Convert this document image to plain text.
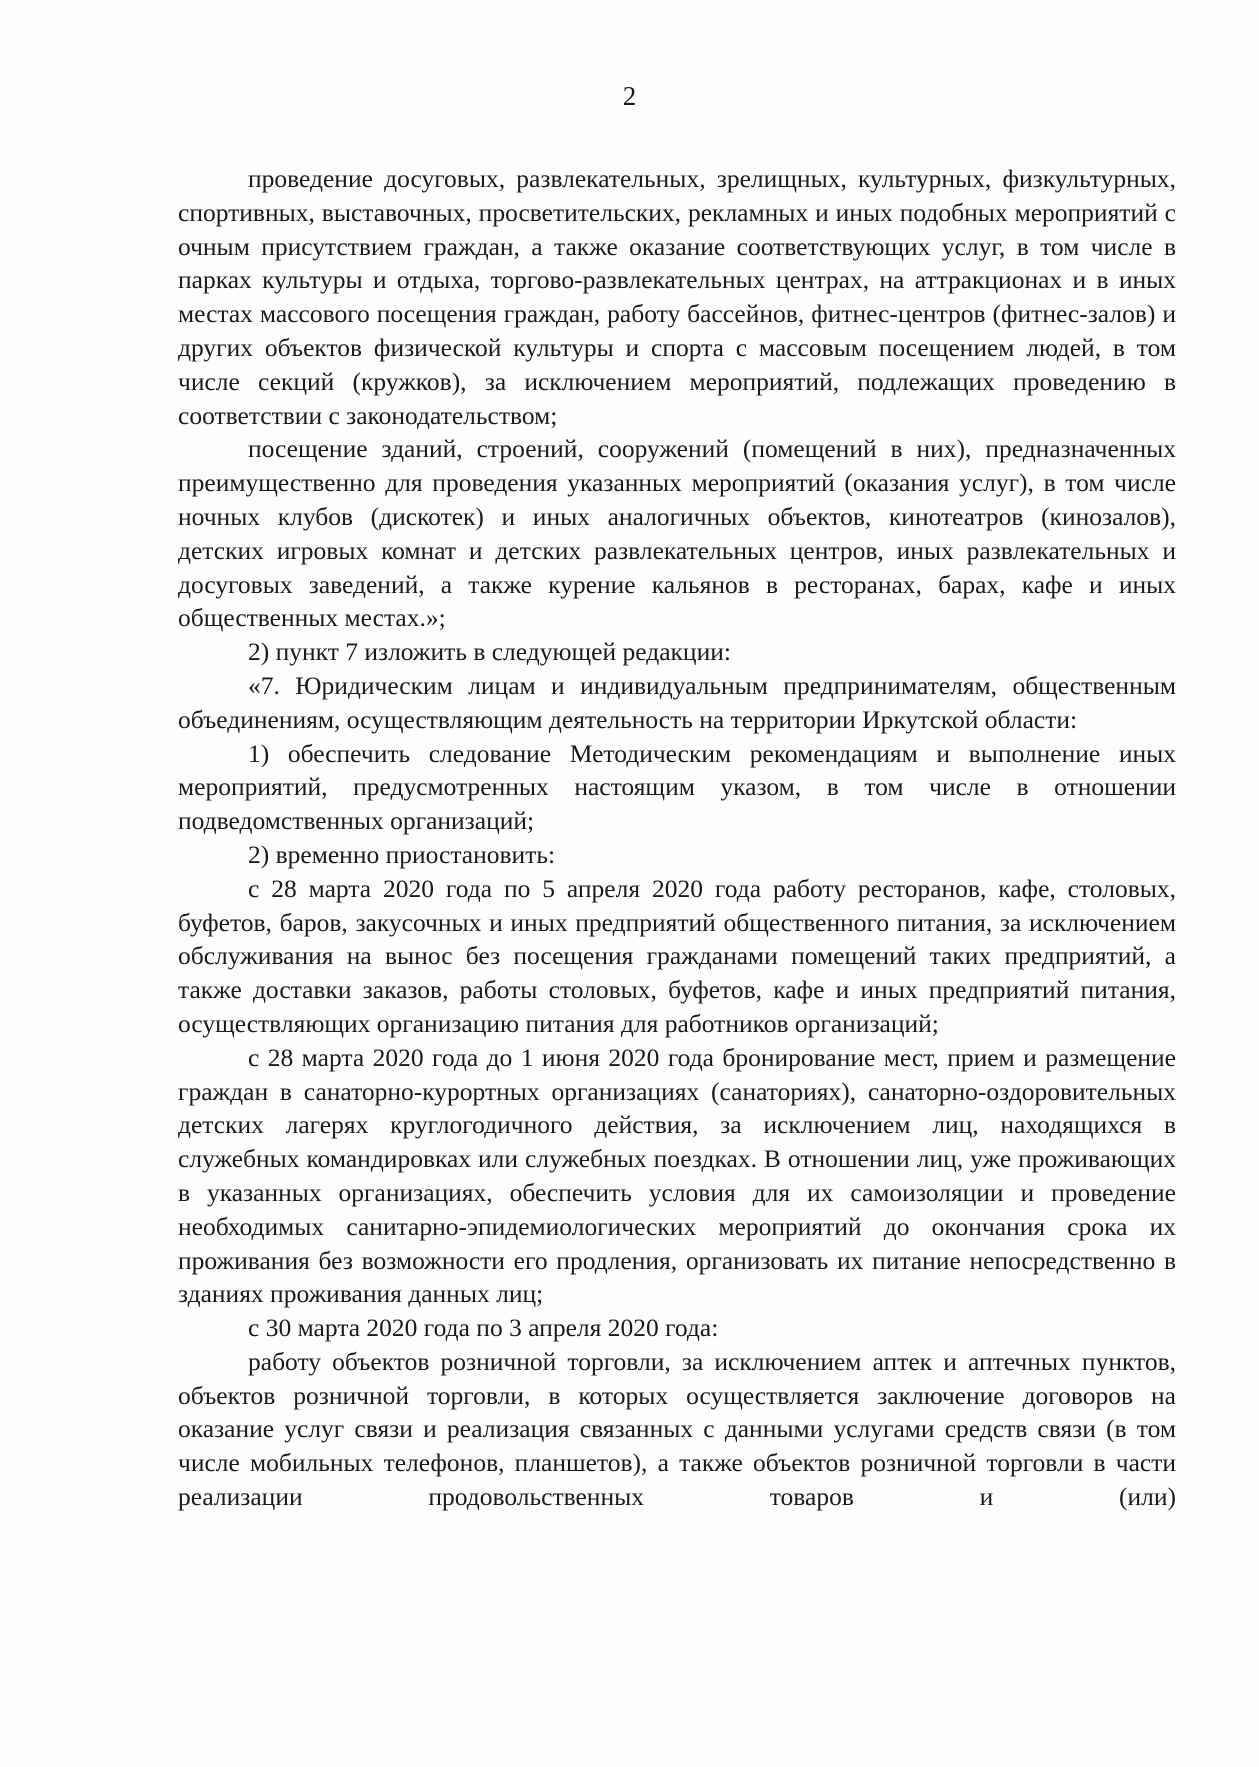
2

проведение досуговых, развлекательных, зрелищных, культурных, физкультурных, спортивных, выставочных, просветительских, рекламных и иных подобных мероприятий с очным присутствием граждан, а также оказание соответствующих услуг, в том числе в парках культуры и отдыха, торгово-развлекательных центрах, на аттракционах и в иных местах массового посещения граждан, работу бассейнов, фитнес-центров (фитнес-залов) и других объектов физической культуры и спорта с массовым посещением людей, в том числе секций (кружков), за исключением мероприятий, подлежащих проведению в соответствии с законодательством;

посещение зданий, строений, сооружений (помещений в них), предназначенных преимущественно для проведения указанных мероприятий (оказания услуг), в том числе ночных клубов (дискотек) и иных аналогичных объектов, кинотеатров (кинозалов), детских игровых комнат и детских развлекательных центров, иных развлекательных и досуговых заведений, а также курение кальянов в ресторанах, барах, кафе и иных общественных местах.»;

2) пункт 7 изложить в следующей редакции:

«7. Юридическим лицам и индивидуальным предпринимателям, общественным объединениям, осуществляющим деятельность на территории Иркутской области:

1) обеспечить следование Методическим рекомендациям и выполнение иных мероприятий, предусмотренных настоящим указом, в том числе в отношении подведомственных организаций;

2) временно приостановить:

с 28 марта 2020 года по 5 апреля 2020 года работу ресторанов, кафе, столовых, буфетов, баров, закусочных и иных предприятий общественного питания, за исключением обслуживания на вынос без посещения гражданами помещений таких предприятий, а также доставки заказов, работы столовых, буфетов, кафе и иных предприятий питания, осуществляющих организацию питания для работников организаций;

с 28 марта 2020 года до 1 июня 2020 года бронирование мест, прием и размещение граждан в санаторно-курортных организациях (санаториях), санаторно-оздоровительных детских лагерях круглогодичного действия, за исключением лиц, находящихся в служебных командировках или служебных поездках. В отношении лиц, уже проживающих в указанных организациях, обеспечить условия для их самоизоляции и проведение необходимых санитарно-эпидемиологических мероприятий до окончания срока их проживания без возможности его продления, организовать их питание непосредственно в зданиях проживания данных лиц;

с 30 марта 2020 года по 3 апреля 2020 года:

работу объектов розничной торговли, за исключением аптек и аптечных пунктов, объектов розничной торговли, в которых осуществляется заключение договоров на оказание услуг связи и реализация связанных с данными услугами средств связи (в том числе мобильных телефонов, планшетов), а также объектов розничной торговли в части реализации продовольственных товаров и (или)
